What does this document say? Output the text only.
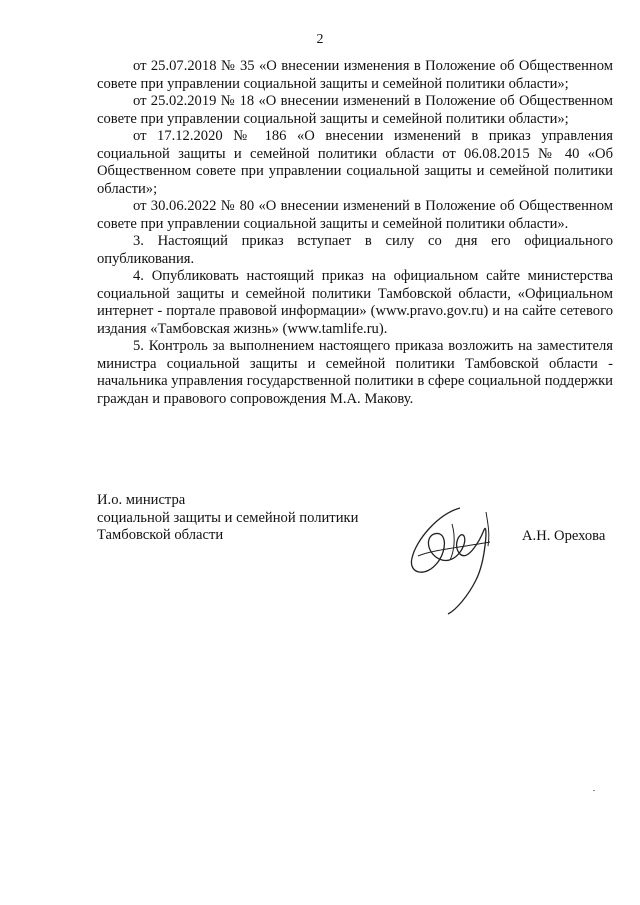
2

от 25.07.2018 № 35 «О внесении изменения в Положение об Общественном совете при управлении социальной защиты и семейной политики области»;

от 25.02.2019 № 18 «О внесении изменений в Положение об Общественном совете при управлении социальной защиты и семейной политики области»;

от 17.12.2020 № 186 «О внесении изменений в приказ управления социальной защиты и семейной политики области от 06.08.2015 № 40 «Об Общественном совете при управлении социальной защиты и семейной политики области»;

от 30.06.2022 № 80 «О внесении изменений в Положение об Общественном совете при управлении социальной защиты и семейной политики области».

3. Настоящий приказ вступает в силу со дня его официального опубликования.

4. Опубликовать настоящий приказ на официальном сайте министерства социальной защиты и семейной политики Тамбовской области, «Официальном интернет - портале правовой информации» (www.pravo.gov.ru) и на сайте сетевого издания «Тамбовская жизнь» (www.tamlife.ru).

5. Контроль за выполнением настоящего приказа возложить на заместителя министра социальной защиты и семейной политики Тамбовской области - начальника управления государственной политики в сфере социальной поддержки граждан и правового сопровождения М.А. Макову.

И.о. министра
социальной защиты и семейной политики
Тамбовской области	А.Н. Орехова
